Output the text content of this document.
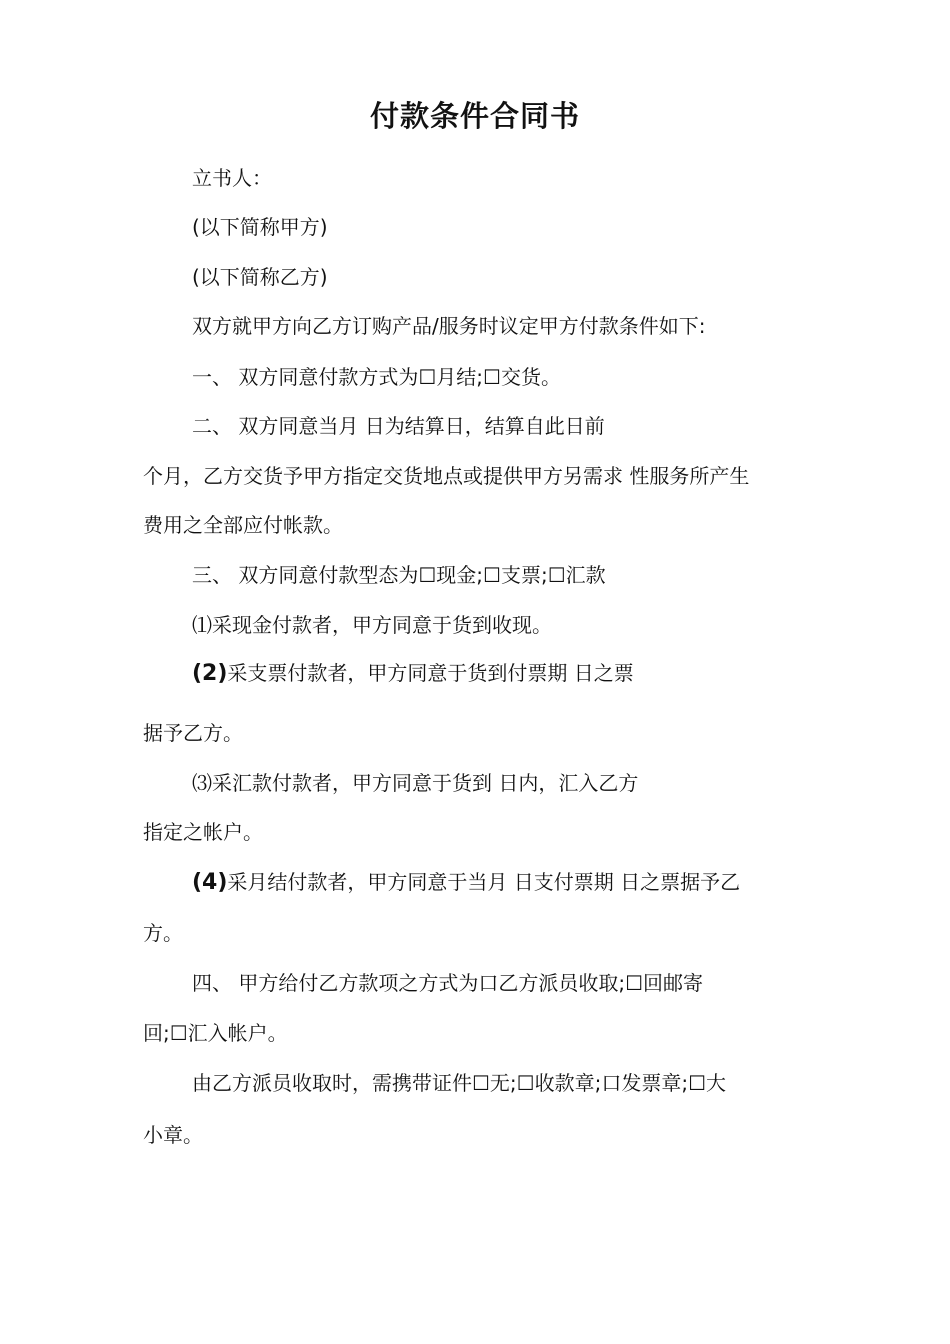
付款条件合同书

立书人：

(以下简称甲方)

(以下简称乙方)

双方就甲方向乙方订购产品/服务时议定甲方付款条件如下:

一、 双方同意付款方式为☐月结;☐交货。

二、 双方同意当月 日为结算日，结算自此日前

个月，乙方交货予甲方指定交货地点或提供甲方另需求 性服务所产生

费用之全部应付帐款。

三、 双方同意付款型态为☐现金;☐支票;☐汇款

⑴采现金付款者，甲方同意于货到收现。

(2)采支票付款者，甲方同意于货到付票期 日之票

据予乙方。

⑶采汇款付款者，甲方同意于货到 日内，汇入乙方

指定之帐户。

(4)采月结付款者，甲方同意于当月 日支付票期 日之票据予乙

方。

四、 甲方给付乙方款项之方式为口乙方派员收取;☐回邮寄

回;☐汇入帐户。

由乙方派员收取时，需携带证件☐无;☐收款章;口发票章;☐大

小章。
